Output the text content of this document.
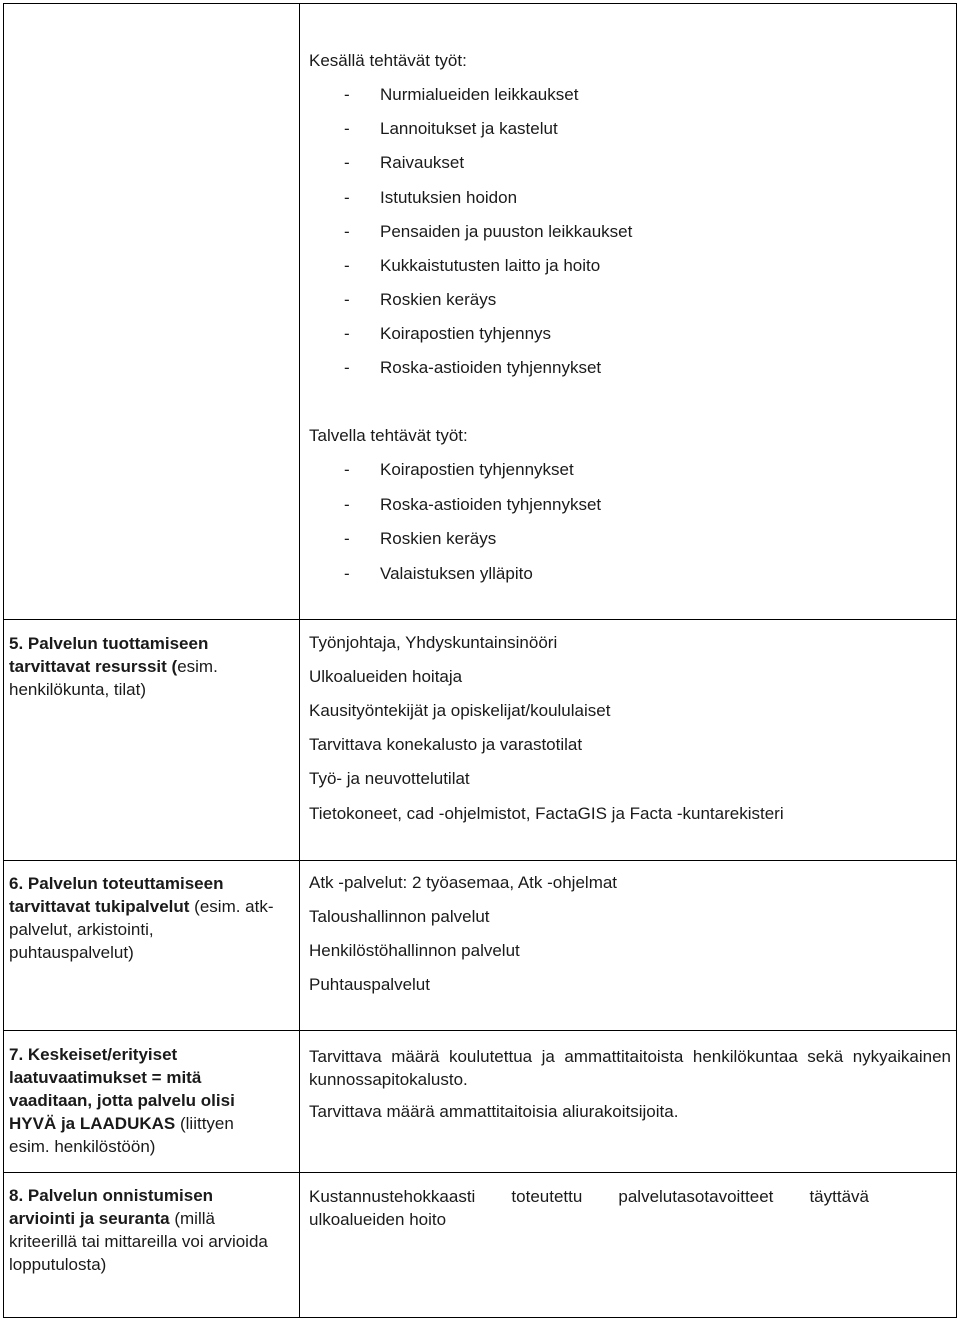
Kesällä tehtävät työt:
- Nurmialueiden leikkaukset
- Lannoitukset ja kastelut
- Raivaukset
- Istutuksien hoidon
- Pensaiden ja puuston leikkaukset
- Kukkaistutusten laitto ja hoito
- Roskien keräys
- Koirapostien tyhjennys
- Roska-astioiden tyhjennykset
Talvella tehtävät työt:
- Koirapostien tyhjennykset
- Roska-astioiden tyhjennykset
- Roskien keräys
- Valaistuksen ylläpito
5. Palvelun tuottamiseen tarvittavat resurssit (esim. henkilökunta, tilat)
Työnjohtaja, Yhdyskuntainsinööri
Ulkoalueiden hoitaja
Kausityöntekijät ja opiskelijat/koululaiset
Tarvittava konekalusto ja varastotilat
Työ- ja neuvottelutilat
Tietokoneet, cad -ohjelmistot, FactaGIS ja Facta -kuntarekisteri
6. Palvelun toteuttamiseen tarvittavat tukipalvelut (esim. atk-palvelut, arkistointi, puhtauspalvelut)
Atk -palvelut: 2 työasemaa, Atk -ohjelmat
Taloushallinnon palvelut
Henkilöstöhallinnon palvelut
Puhtauspalvelut
7. Keskeiset/erityiset laatuvaatimukset = mitä vaaditaan, jotta palvelu olisi HYVÄ ja LAADUKAS (liittyen esim. henkilöstöön)
Tarvittava määrä koulutettua ja ammattitaitoista henkilökuntaa sekä nykyaikainen kunnossapitokalusto.
Tarvittava määrä ammattitaitoisia aliurakoitsijoita.
8. Palvelun onnistumisen arviointi ja seuranta (millä kriteerillä tai mittareilla voi arvioida lopputulosta)
Kustannustehokkaasti toteutettu palvelutasotavoitteet täyttävä ulkoalueiden hoito
